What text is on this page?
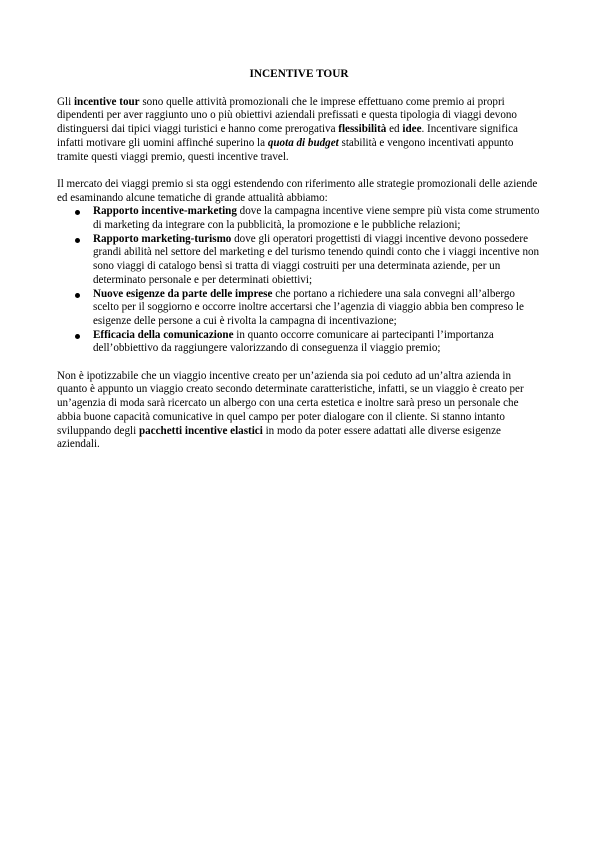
INCENTIVE TOUR

Gli incentive tour sono quelle attività promozionali che le imprese effettuano come premio ai propri dipendenti per aver raggiunto uno o più obiettivi aziendali prefissati e questa tipologia di viaggi devono distinguersi dai tipici viaggi turistici e hanno come prerogativa flessibilità ed idee. Incentivare significa infatti motivare gli uomini affinché superino la quota di budget stabilità e vengono incentivati appunto tramite questi viaggi premio, questi incentive travel.

Il mercato dei viaggi premio si sta oggi estendendo con riferimento alle strategie promozionali delle aziende ed esaminando alcune tematiche di grande attualità abbiamo:

Rapporto incentive-marketing dove la campagna incentive viene sempre più vista come strumento di marketing da integrare con la pubblicità, la promozione e le pubbliche relazioni;
Rapporto marketing-turismo dove gli operatori progettisti di viaggi incentive devono possedere grandi abilità nel settore del marketing e del turismo tenendo quindi conto che i viaggi incentive non sono viaggi di catalogo bensì si tratta di viaggi costruiti per una determinata aziende, per un determinato personale e per determinati obiettivi;
Nuove esigenze da parte delle imprese che portano a richiedere una sala convegni all’albergo scelto per il soggiorno e occorre inoltre accertarsi che l’agenzia di viaggio abbia ben compreso le esigenze delle persone a cui è rivolta la campagna di incentivazione;
Efficacia della comunicazione in quanto occorre comunicare ai partecipanti l’importanza dell’obbiettivo da raggiungere valorizzando di conseguenza il viaggio premio;

Non è ipotizzabile che un viaggio incentive creato per un’azienda sia poi ceduto ad un’altra azienda in quanto è appunto un viaggio creato secondo determinate caratteristiche, infatti, se un viaggio è creato per un’agenzia di moda sarà ricercato un albergo con una certa estetica e inoltre sarà preso un personale che abbia buone capacità comunicative in quel campo per poter dialogare con il cliente. Si stanno intanto sviluppando degli pacchetti incentive elastici in modo da poter essere adattati alle diverse esigenze aziendali.
